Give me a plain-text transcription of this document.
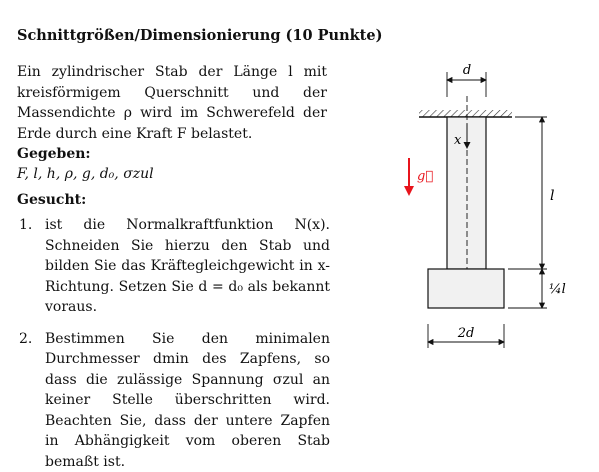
Schnittgrößen/Dimensionierung (10 Punkte)
Ein zylindrischer Stab der Länge l mit kreisförmigem Querschnitt und der Massendichte ρ wird im Schwerefeld der Erde durch eine Kraft F belastet.
Gegeben:
F, l, h, ρ, g, d₀, σzul
Gesucht:
1. ist die Normalkraftfunktion N(x). Schneiden Sie hierzu den Stab und bilden Sie das Kräftegleichgewicht in x-Richtung. Setzen Sie d = d₀ als bekannt voraus.
2. Bestimmen Sie den minimalen Durchmesser dmin des Zapfens, so dass die zulässige Spannung σzul an keiner Stelle überschritten wird. Beachten Sie, dass der untere Zapfen in Abhängigkeit vom oberen Stab bemaßt ist.
d
x
g⃗
l
¼l
2d
